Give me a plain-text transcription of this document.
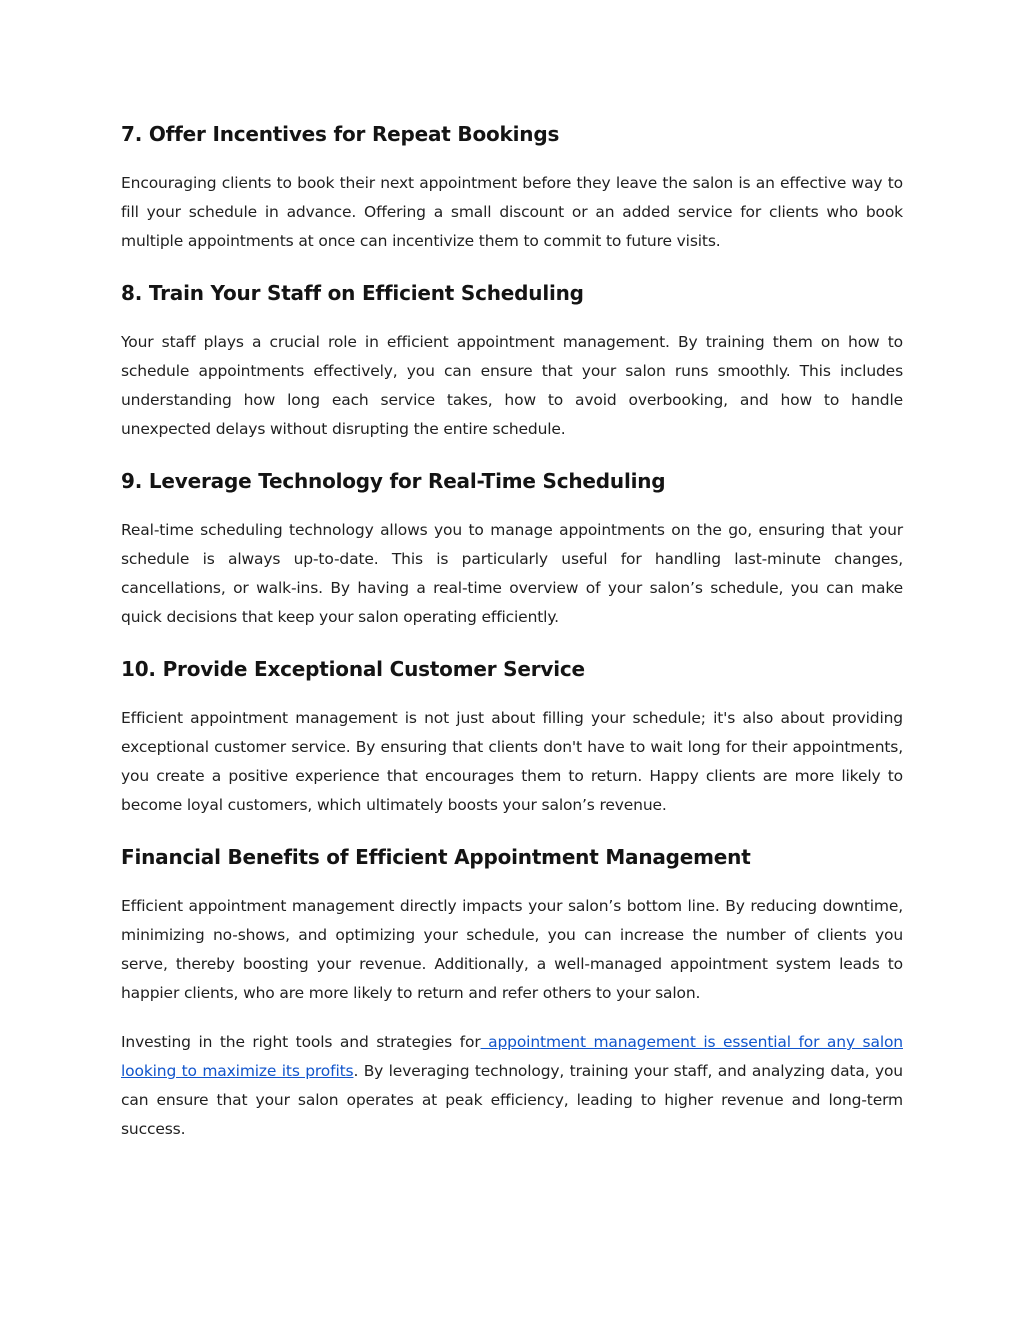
7. Offer Incentives for Repeat Bookings

Encouraging clients to book their next appointment before they leave the salon is an effective way to fill your schedule in advance. Offering a small discount or an added service for clients who book multiple appointments at once can incentivize them to commit to future visits.

8. Train Your Staff on Efficient Scheduling

Your staff plays a crucial role in efficient appointment management. By training them on how to schedule appointments effectively, you can ensure that your salon runs smoothly. This includes understanding how long each service takes, how to avoid overbooking, and how to handle unexpected delays without disrupting the entire schedule.

9. Leverage Technology for Real-Time Scheduling

Real-time scheduling technology allows you to manage appointments on the go, ensuring that your schedule is always up-to-date. This is particularly useful for handling last-minute changes, cancellations, or walk-ins. By having a real-time overview of your salon’s schedule, you can make quick decisions that keep your salon operating efficiently.

10. Provide Exceptional Customer Service

Efficient appointment management is not just about filling your schedule; it's also about providing exceptional customer service. By ensuring that clients don't have to wait long for their appointments, you create a positive experience that encourages them to return. Happy clients are more likely to become loyal customers, which ultimately boosts your salon’s revenue.

Financial Benefits of Efficient Appointment Management

Efficient appointment management directly impacts your salon’s bottom line. By reducing downtime, minimizing no-shows, and optimizing your schedule, you can increase the number of clients you serve, thereby boosting your revenue. Additionally, a well-managed appointment system leads to happier clients, who are more likely to return and refer others to your salon.

Investing in the right tools and strategies for appointment management is essential for any salon looking to maximize its profits. By leveraging technology, training your staff, and analyzing data, you can ensure that your salon operates at peak efficiency, leading to higher revenue and long-term success.
